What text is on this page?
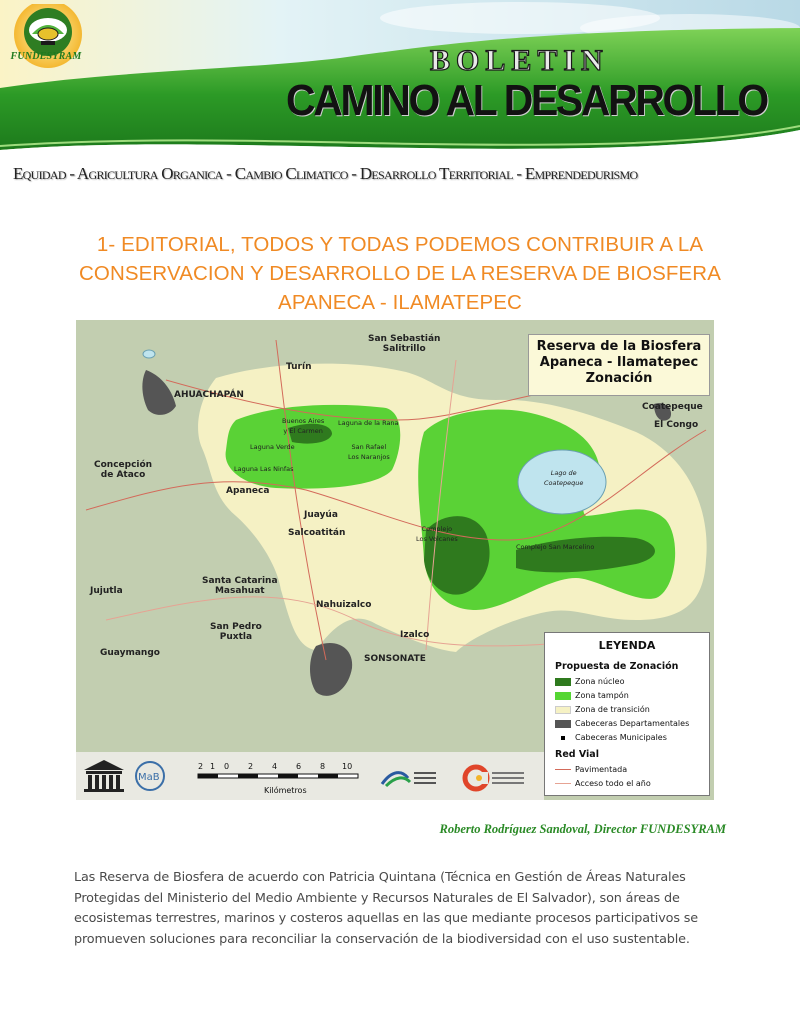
FUNDESYRAM	BOLETIN
CAMINO AL DESARROLLO
Equidad - Agricultura Organica - Cambio Climatico - Desarrollo Territorial - Emprendedurismo
1- EDITORIAL, TODOS Y TODAS PODEMOS CONTRIBUIR A LA
CONSERVACION Y DESARROLLO DE LA RESERVA DE BIOSFERA
APANECA - ILAMATEPEC
Reserva de la Biosfera
Apaneca - Ilamatepec
Zonación
San Sebastián
Salitrillo
Turín
AHUACHAPÁN
Coatepeque
El Congo
Concepción
de Ataco
Apaneca
Juayúa
Salcoatitán
Santa Catarina
Masahuat
Jujutla
Nahuizalco
San Pedro
Puxtla
Guaymango
Izalco
SONSONATE
Buenos Aires
y El Carmen
Laguna de la Rana
Laguna Verde
Laguna Las Ninfas
San Rafael
Los Naranjos
Lago de
Coatepeque
Complejo
Los Volcanes
Complejo San Marcelino
LEYENDA
Propuesta de Zonación
Zona núcleo
Zona tampón
Zona de transición
Cabeceras Departamentales
Cabeceras Municipales
Red Vial
Pavimentada
Acceso todo el año
2 1 0 2 4 6 8 10
Kilómetros
MaB
Roberto Rodríguez Sandoval, Director FUNDESYRAM
Las Reserva de Biosfera de acuerdo con Patricia Quintana (Técnica en Gestión de Áreas Naturales
Protegidas del Ministerio del Medio Ambiente y Recursos Naturales de El Salvador), son áreas de
ecosistemas terrestres, marinos y costeros aquellas en las que mediante procesos participativos se
promueven soluciones para reconciliar la conservación de la biodiversidad con el uso sustentable.
